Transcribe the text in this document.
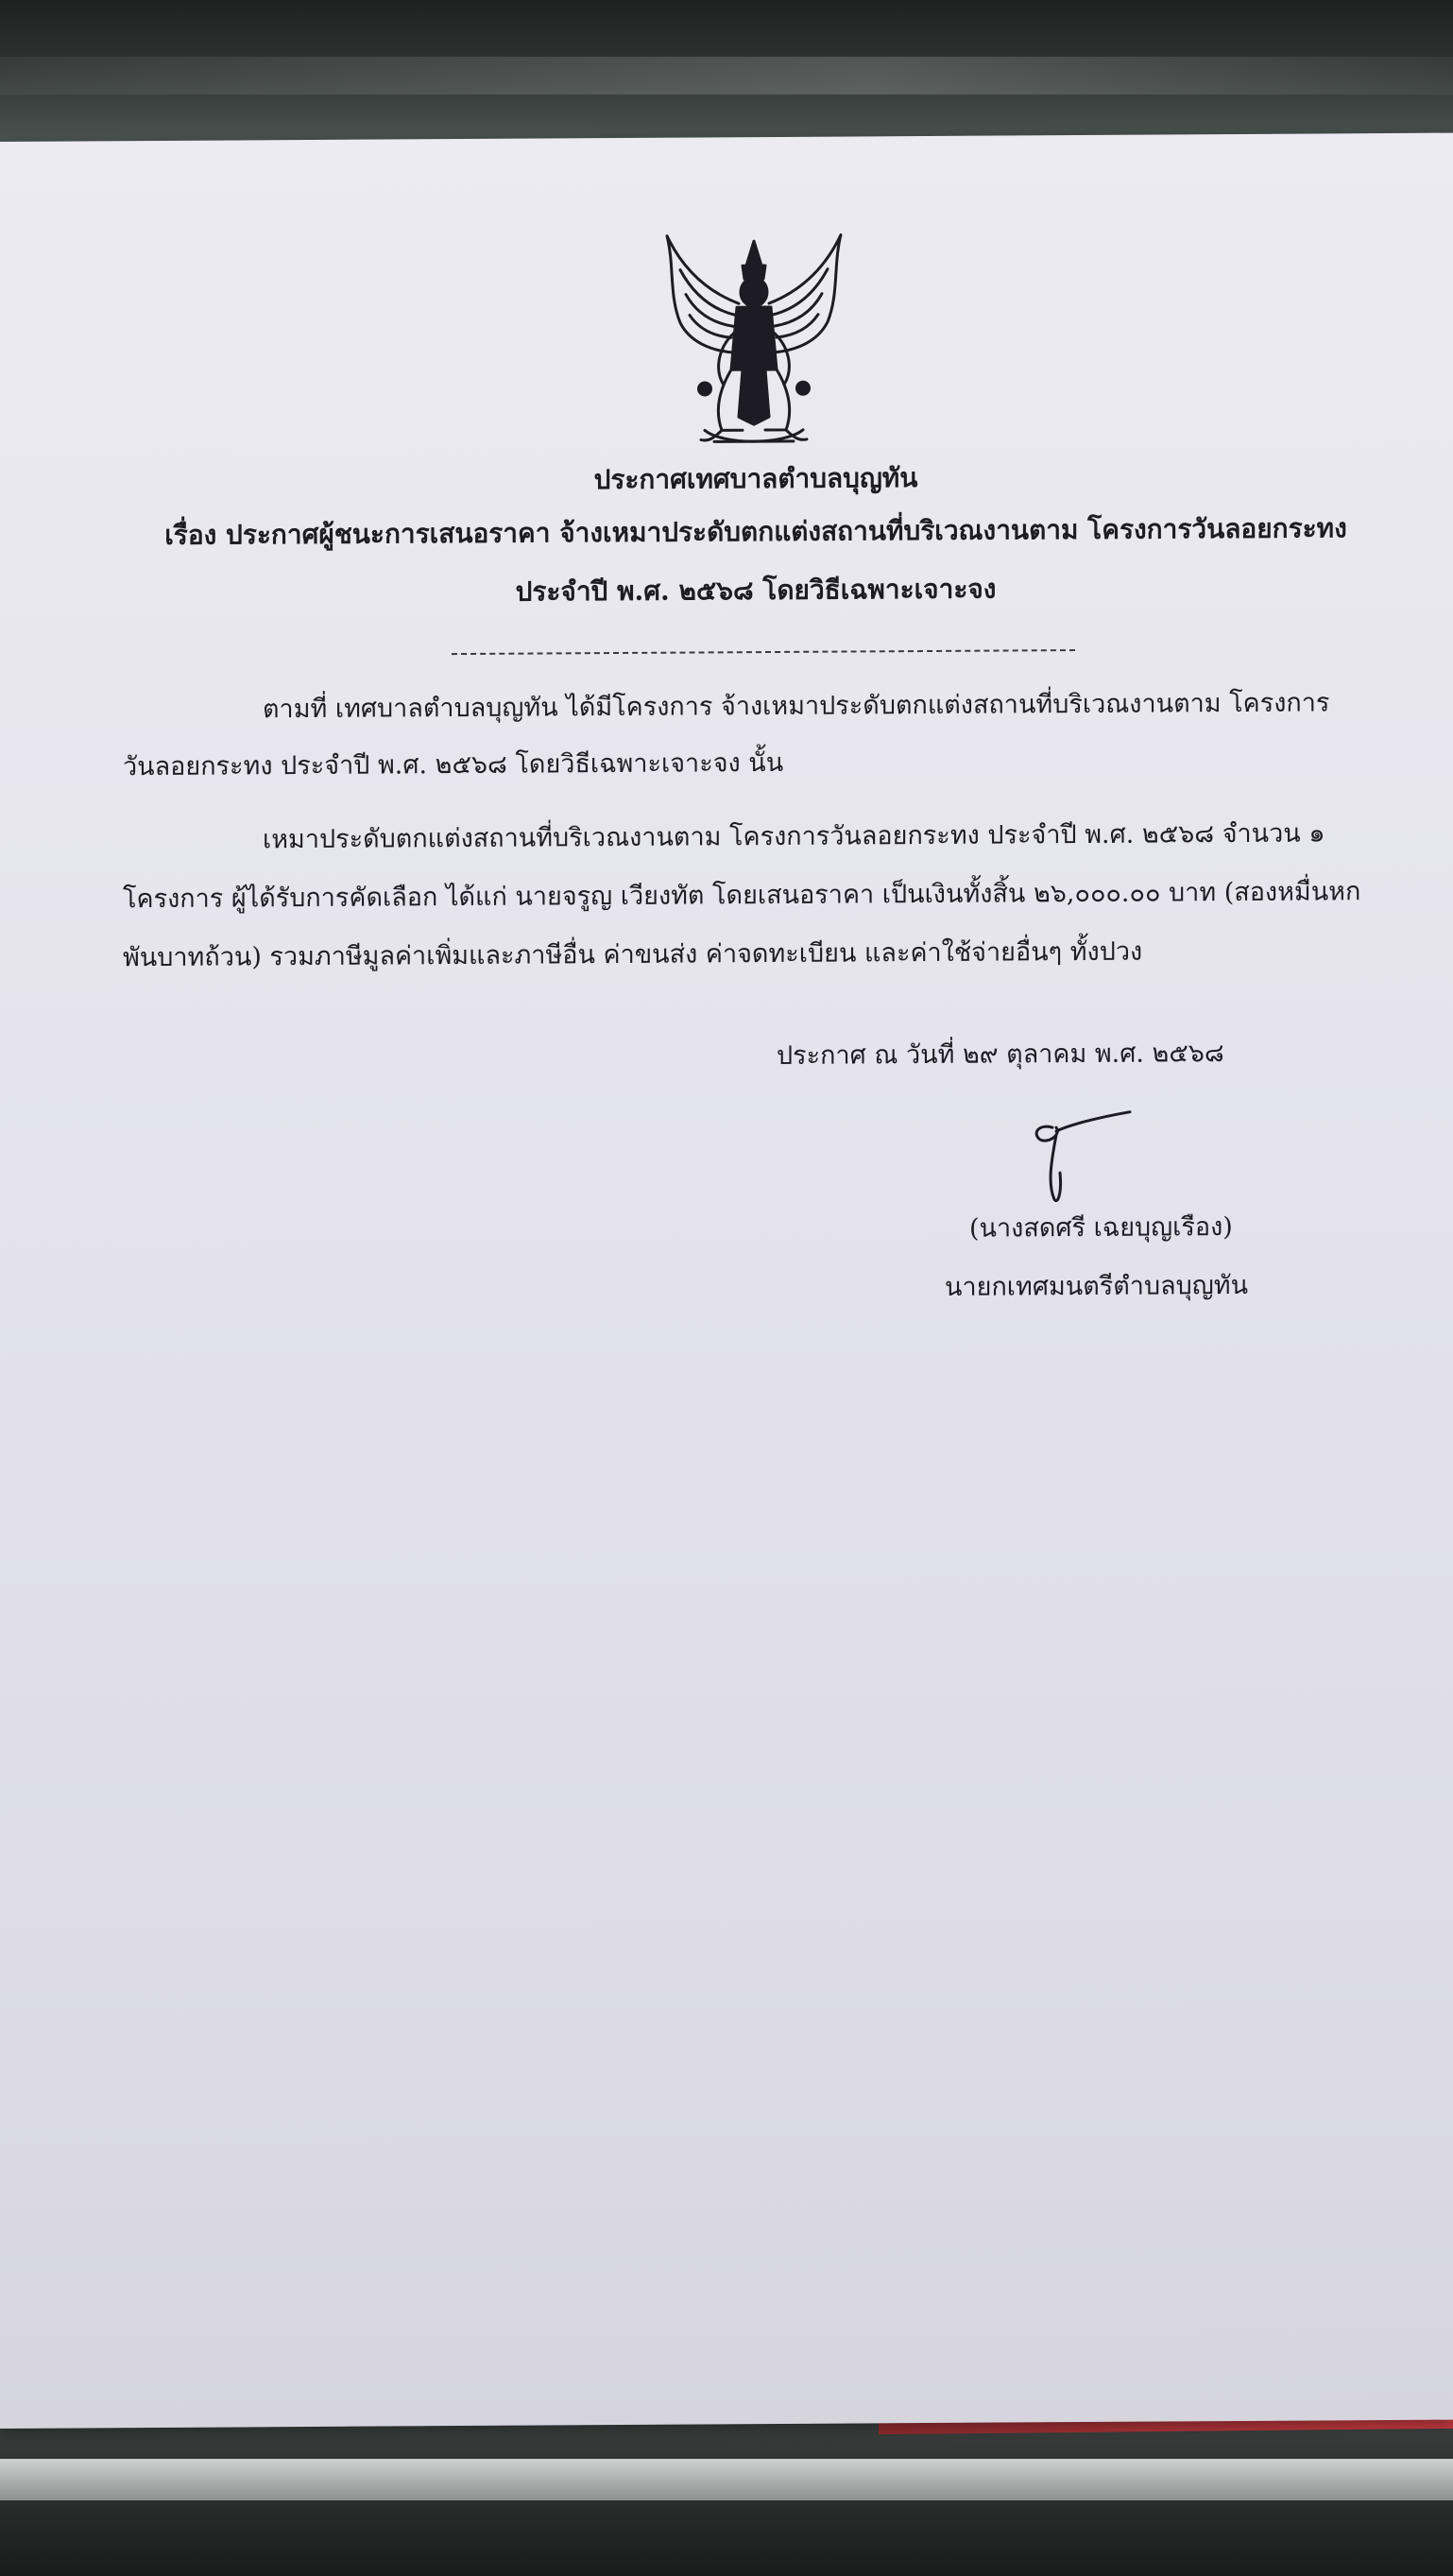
ประกาศเทศบาลตำบลบุญทัน
เรื่อง ประกาศผู้ชนะการเสนอราคา จ้างเหมาประดับตกแต่งสถานที่บริเวณงานตาม โครงการวันลอยกระทง
ประจำปี พ.ศ. ๒๕๖๘ โดยวิธีเฉพาะเจาะจง
ตามที่ เทศบาลตำบลบุญทัน ได้มีโครงการ จ้างเหมาประดับตกแต่งสถานที่บริเวณงานตาม โครงการ
วันลอยกระทง ประจำปี พ.ศ. ๒๕๖๘ โดยวิธีเฉพาะเจาะจง นั้น
เหมาประดับตกแต่งสถานที่บริเวณงานตาม โครงการวันลอยกระทง ประจำปี พ.ศ. ๒๕๖๘ จำนวน ๑
โครงการ ผู้ได้รับการคัดเลือก ได้แก่ นายจรูญ เวียงทัต โดยเสนอราคา เป็นเงินทั้งสิ้น ๒๖,๐๐๐.๐๐ บาท (สองหมื่นหก
พันบาทถ้วน) รวมภาษีมูลค่าเพิ่มและภาษีอื่น ค่าขนส่ง ค่าจดทะเบียน และค่าใช้จ่ายอื่นๆ ทั้งปวง
ประกาศ ณ วันที่ ๒๙ ตุลาคม พ.ศ. ๒๕๖๘
(นางสดศรี เฉยบุญเรือง)
นายกเทศมนตรีตำบลบุญทัน
